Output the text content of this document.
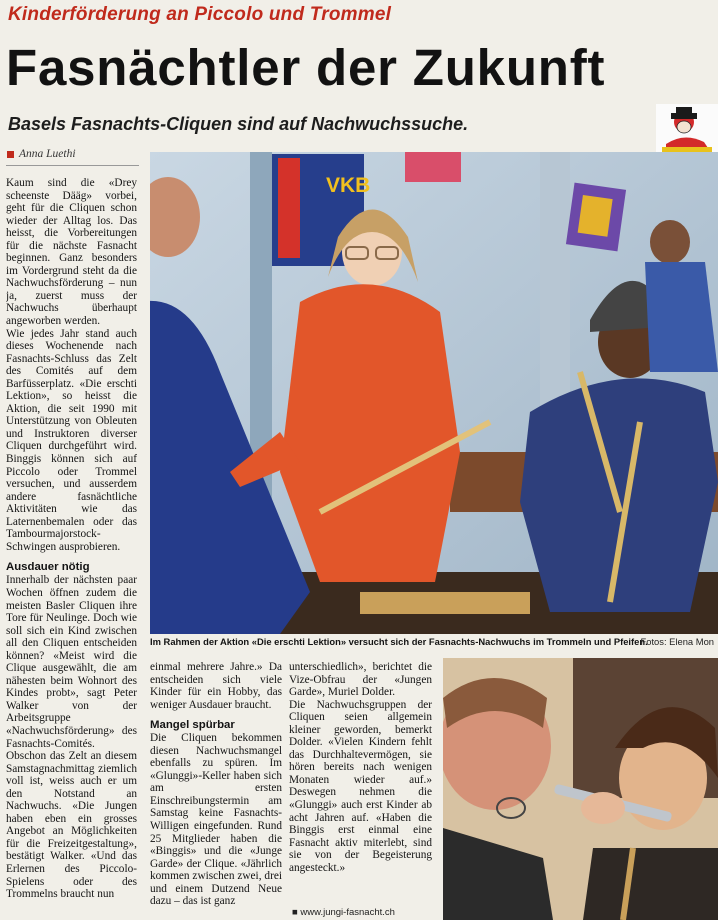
Kinderförderung an Piccolo und Trommel
Fasnächtler der Zukunft
Basels Fasnachts-Cliquen sind auf Nachwuchssuche.
Anna Luethi

Kaum sind die «Drey scheenste Dääg» vorbei, geht für die Cliquen schon wieder der Alltag los. Das heisst, die Vorbereitungen für die nächste Fasnacht beginnen. Ganz besonders im Vordergrund steht da die Nachwuchsförderung – nun ja, zuerst muss der Nachwuchs überhaupt angeworben werden.

Wie jedes Jahr stand auch dieses Wochenende nach Fasnachts-Schluss das Zelt des Comités auf dem Barfüsserplatz. «Die erschti Lektion», so heisst die Aktion, die seit 1990 mit Unterstützung von Obleuten und Instruktoren diverser Cliquen durchgeführt wird. Binggis können sich auf Piccolo oder Trommel versuchen, und ausserdem andere fasnächtliche Aktivitäten wie das Laternenbemalen oder das Tambourmajorstock-Schwingen ausprobieren.

Ausdauer nötig

Innerhalb der nächsten paar Wochen öffnen zudem die meisten Basler Cliquen ihre Tore für Neulinge. Doch wie soll sich ein Kind zwischen all den Cliquen entscheiden können? «Meist wird die Clique ausgewählt, die am nähesten beim Wohnort des Kindes probt», sagt Peter Walker von der Arbeitsgruppe «Nachwuchsförderung» des Fasnachts-Comités.

Obschon das Zelt an diesem Samstagnachmittag ziemlich voll ist, weiss auch er um den Notstand an Nachwuchs. «Die Jungen haben eben ein grosses Angebot an Möglichkeiten für die Freizeitgestaltung», bestätigt Walker. «Und das Erlernen des Piccolo-Spielens oder des Trommelns braucht nun

VKB
Im Rahmen der Aktion «Die erschti Lektion» versucht sich der Fasnachts-Nachwuchs im Trommeln und Pfeifen.
Fotos: Elena Mon

einmal mehrere Jahre.» Da entscheiden sich viele Kinder für ein Hobby, das weniger Ausdauer braucht.

Mangel spürbar

Die Cliquen bekommen diesen Nachwuchsmangel ebenfalls zu spüren. Im «Glunggi»-Keller haben sich am ersten Einschreibungstermin am Samstag keine Fasnachts-Willigen eingefunden. Rund 25 Mitglieder haben die «Binggis» und die «Junge Garde» der Clique. «Jährlich kommen zwischen zwei, drei und einem Dutzend Neue dazu – das ist ganz

unterschiedlich», berichtet die Vize-Obfrau der «Jungen Garde», Muriel Dolder.

Die Nachwuchsgruppen der Cliquen seien allgemein kleiner geworden, bemerkt Dolder. «Vielen Kindern fehlt das Durchhaltevermögen, sie hören bereits nach wenigen Monaten wieder auf.» Deswegen nehmen die «Glunggi» auch erst Kinder ab acht Jahren auf. «Haben die Binggis erst einmal eine Fasnacht aktiv miterlebt, sind sie von der Begeisterung angesteckt.»

■ www.jungi-fasnacht.ch
